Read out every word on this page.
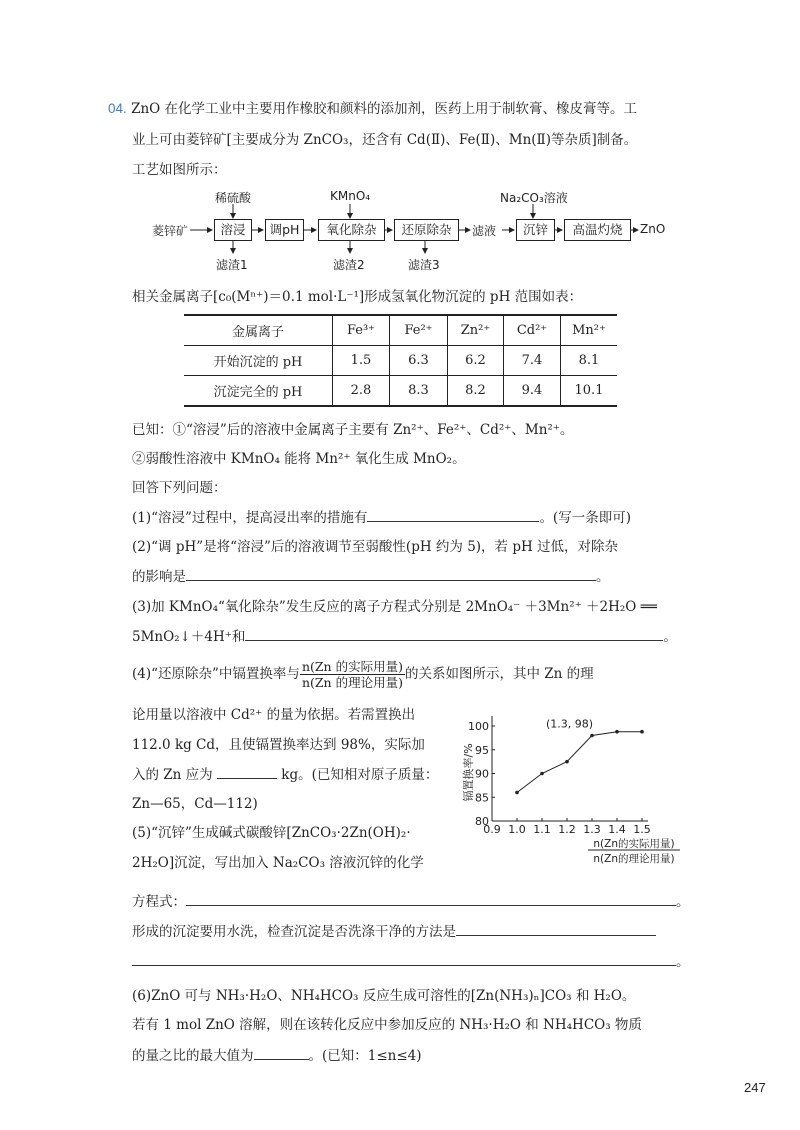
04. ZnO 在化学工业中主要用作橡胶和颜料的添加剂，医药上用于制软膏、橡皮膏等。工
业上可由菱锌矿[主要成分为 ZnCO₃，还含有 Cd(Ⅱ)、Fe(Ⅱ)、Mn(Ⅱ)等杂质]制备。
工艺如图所示：
菱锌矿	溶浸	调pH	氧化除杂	还原除杂	滤液	沉锌	高温灼烧	ZnO
稀硫酸	KMnO₄	Na₂CO₃溶液
滤渣1	滤渣2	滤渣3
相关金属离子[c₀(Mⁿ⁺)＝0.1 mol·L⁻¹]形成氢氧化物沉淀的 pH 范围如表：
金属离子	Fe³⁺	Fe²⁺	Zn²⁺	Cd²⁺	Mn²⁺
开始沉淀的 pH	1.5	6.3	6.2	7.4	8.1
沉淀完全的 pH	2.8	8.3	8.2	9.4	10.1
已知：①“溶浸”后的溶液中金属离子主要有 Zn²⁺、Fe²⁺、Cd²⁺、Mn²⁺。
②弱酸性溶液中 KMnO₄ 能将 Mn²⁺ 氧化生成 MnO₂。
回答下列问题：
(1)“溶浸”过程中，提高浸出率的措施有	。(写一条即可)
(2)“调 pH”是将“溶浸”后的溶液调节至弱酸性(pH 约为 5)，若 pH 过低，对除杂
的影响是	。
(3)加 KMnO₄“氧化除杂”发生反应的离子方程式分别是 2MnO₄⁻ ＋3Mn²⁺ ＋2H₂O ══
5MnO₂↓＋4H⁺和	。
(4)“还原除杂”中镉置换率与 $\frac{\text{n(Zn 的实际用量)}}{\text{n(Zn 的理论用量)}}$ 的关系如图所示，其中 Zn 的理
论用量以溶液中 Cd²⁺ 的量为依据。若需置换出
112.0 kg Cd，且使镉置换率达到 98%，实际加
入的 Zn 应为	kg。(已知相对原子质量：
Zn—65，Cd—112)
(5)“沉锌”生成碱式碳酸锌[ZnCO₃·2Zn(OH)₂·
2H₂O]沉淀，写出加入 Na₂CO₃ 溶液沉锌的化学
方程式：	。
形成的沉淀要用水洗，检查沉淀是否洗涤干净的方法是
。
(6)ZnO 可与 NH₃·H₂O、NH₄HCO₃ 反应生成可溶性的[Zn(NH₃)ₙ]CO₃ 和 H₂O。
若有 1 mol ZnO 溶解，则在该转化反应中参加反应的 NH₃·H₂O 和 NH₄HCO₃ 物质
的量之比的最大值为	。(已知：1≤n≤4)
247
0.9 1.0 1.1 1.2 1.3 1.4 1.5
80
85
90
95
100	(1.3, 98)
镉置换率/%
n(Zn的实际用量)
n(Zn的理论用量)
